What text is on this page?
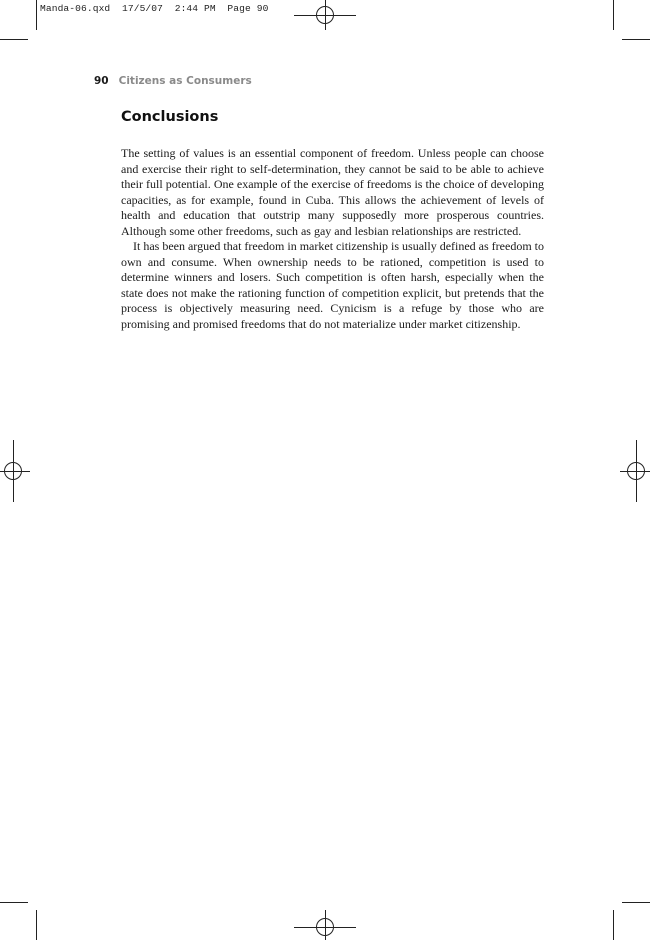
Manda-06.qxd  17/5/07  2:44 PM  Page 90
90 Citizens as Consumers
Conclusions

The setting of values is an essential component of freedom. Unless people can choose and exercise their right to self-determination, they cannot be said to be able to achieve their full potential. One example of the exercise of freedoms is the choice of developing capacities, as for example, found in Cuba. This allows the achievement of levels of health and education that outstrip many supposedly more prosperous countries. Although some other freedoms, such as gay and lesbian relationships are restricted.

It has been argued that freedom in market citizenship is usually defined as freedom to own and consume. When ownership needs to be rationed, competition is used to determine winners and losers. Such competition is often harsh, especially when the state does not make the rationing function of competition explicit, but pretends that the process is objectively measuring need. Cynicism is a refuge by those who are promising and promised freedoms that do not materialize under market citizenship.
